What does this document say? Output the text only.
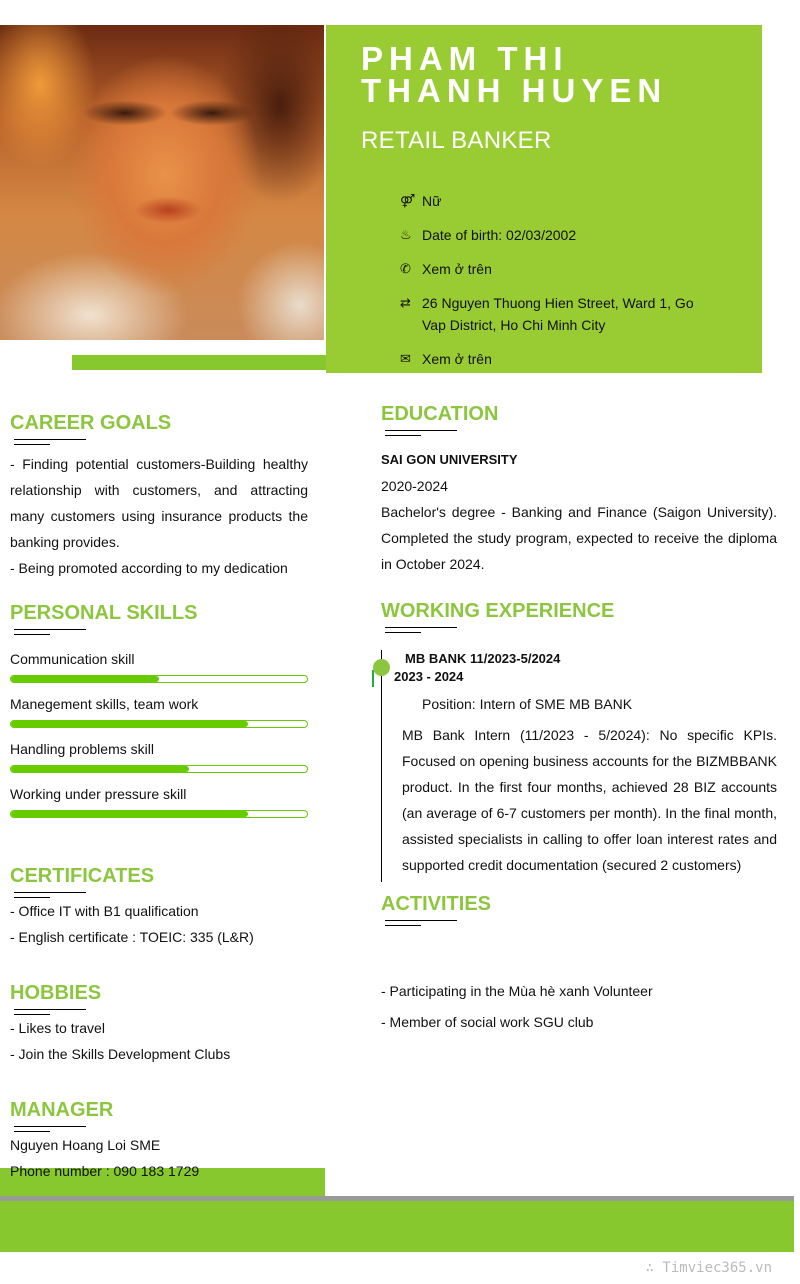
PHAM THI
THANH HUYEN
RETAIL BANKER
⚤ Nữ
♨ Date of birth: 02/03/2002
✆ Xem ở trên
⇄ 26 Nguyen Thuong Hien Street, Ward 1, Go Vap District, Ho Chi Minh City
✉ Xem ở trên
CAREER GOALS
- Finding potential customers-Building healthy relationship with customers, and attracting many customers using insurance products the banking provides.
- Being promoted according to my dedication
PERSONAL SKILLS
Communication skill
Manegement skills, team work
Handling problems skill
Working under pressure skill
CERTIFICATES
- Office IT with B1 qualification
- English certificate : TOEIC: 335 (L&R)
HOBBIES
- Likes to travel
- Join the Skills Development Clubs
MANAGER
Nguyen Hoang Loi SME
Phone number : 090 183 1729
EDUCATION
SAI GON UNIVERSITY
2020-2024
Bachelor's degree - Banking and Finance (Saigon University). Completed the study program, expected to receive the diploma in October 2024.
WORKING EXPERIENCE
MB BANK 11/2023-5/2024
2023 - 2024
Position: Intern of SME MB BANK
MB Bank Intern (11/2023 - 5/2024): No specific KPIs. Focused on opening business accounts for the BIZMBBANK product. In the first four months, achieved 28 BIZ accounts (an average of 6-7 customers per month). In the final month, assisted specialists in calling to offer loan interest rates and supported credit documentation (secured 2 customers)
ACTIVITIES
- Participating in the Mùa hè xanh Volunteer
- Member of social work SGU club
∴ Timviec365.vn
